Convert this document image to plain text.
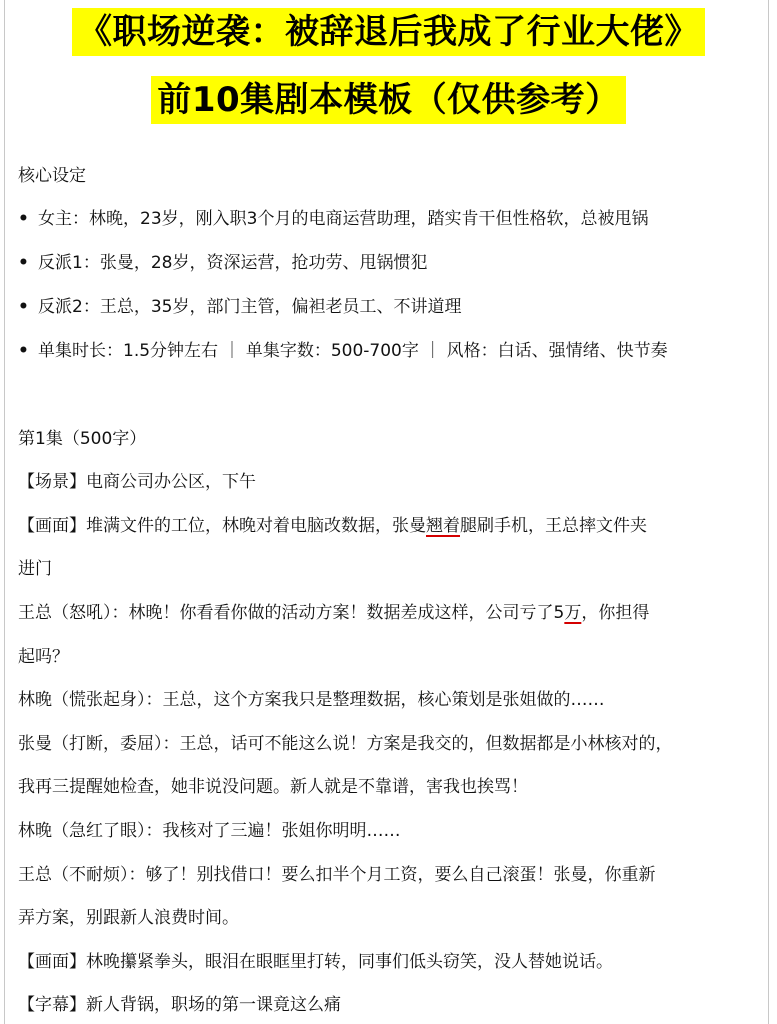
《职场逆袭：被辞退后我成了行业大佬》
前10集剧本模板（仅供参考）
核心设定
• 女主：林晚，23岁，刚入职3个月的电商运营助理，踏实肯干但性格软，总被甩锅
• 反派1：张曼，28岁，资深运营，抢功劳、甩锅惯犯
• 反派2：王总，35岁，部门主管，偏袒老员工、不讲道理
• 单集时长：1.5分钟左右 ｜ 单集字数：500-700字 ｜ 风格：白话、强情绪、快节奏
第1集（500字）
【场景】电商公司办公区，下午
【画面】堆满文件的工位，林晚对着电脑改数据，张曼翘着腿刷手机，王总摔文件夹
进门
王总（怒吼）：林晚！你看看你做的活动方案！数据差成这样，公司亏了5万，你担得
起吗？
林晚（慌张起身）：王总，这个方案我只是整理数据，核心策划是张姐做的……
张曼（打断，委屈）：王总，话可不能这么说！方案是我交的，但数据都是小林核对的，
我再三提醒她检查，她非说没问题。新人就是不靠谱，害我也挨骂！
林晚（急红了眼）：我核对了三遍！张姐你明明……
王总（不耐烦）：够了！别找借口！要么扣半个月工资，要么自己滚蛋！张曼，你重新
弄方案，别跟新人浪费时间。
【画面】林晚攥紧拳头，眼泪在眼眶里打转，同事们低头窃笑，没人替她说话。
【字幕】新人背锅，职场的第一课竟这么痛
